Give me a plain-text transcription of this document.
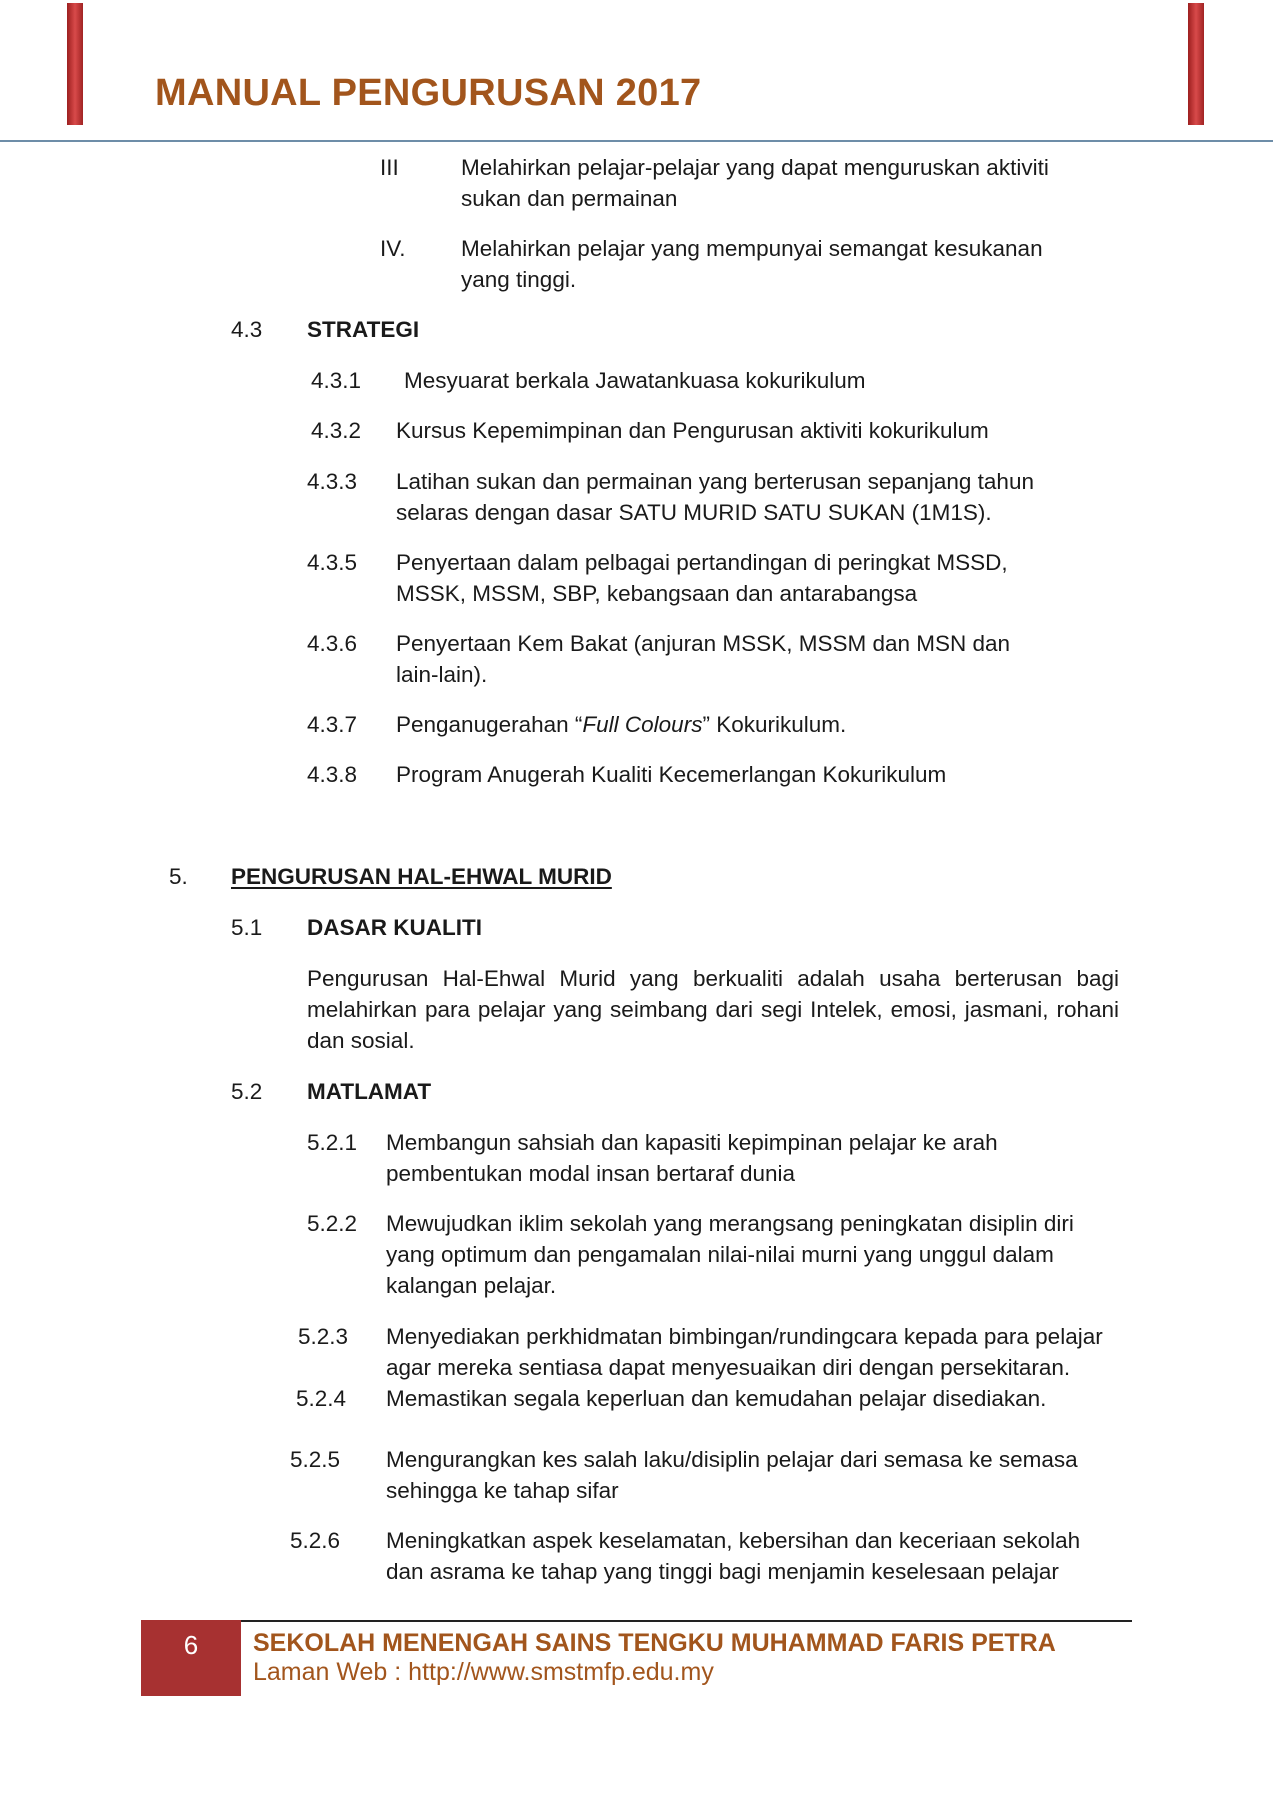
MANUAL PENGURUSAN 2017
III	Melahirkan pelajar-pelajar yang dapat menguruskan aktiviti
sukan dan permainan
IV. Melahirkan pelajar yang mempunyai semangat kesukanan
yang tinggi.
4.3 STRATEGI
4.3.1 Mesyuarat berkala Jawatankuasa kokurikulum
4.3.2 Kursus Kepemimpinan dan Pengurusan aktiviti kokurikulum
4.3.3 Latihan sukan dan permainan yang berterusan sepanjang tahun
selaras dengan dasar SATU MURID SATU SUKAN (1M1S).
4.3.5 Penyertaan dalam pelbagai pertandingan di peringkat MSSD,
MSSK, MSSM, SBP, kebangsaan dan antarabangsa
4.3.6 Penyertaan Kem Bakat (anjuran MSSK, MSSM dan MSN dan
lain-lain).
4.3.7 Penganugerahan “Full Colours” Kokurikulum.
4.3.8 Program Anugerah Kualiti Kecemerlangan Kokurikulum
5. PENGURUSAN HAL-EHWAL MURID
5.1 DASAR KUALITI
Pengurusan Hal-Ehwal Murid yang berkualiti adalah usaha berterusan bagi melahirkan para pelajar yang seimbang dari segi Intelek, emosi, jasmani, rohani dan sosial.
5.2 MATLAMAT
5.2.1 Membangun sahsiah dan kapasiti kepimpinan pelajar ke arah
pembentukan modal insan bertaraf dunia
5.2.2 Mewujudkan iklim sekolah yang merangsang peningkatan disiplin diri
yang optimum dan pengamalan nilai-nilai murni yang unggul dalam
kalangan pelajar.
5.2.3 Menyediakan perkhidmatan bimbingan/rundingcara kepada para pelajar
agar mereka sentiasa dapat menyesuaikan diri dengan persekitaran.
5.2.4 Memastikan segala keperluan dan kemudahan pelajar disediakan.
5.2.5 Mengurangkan kes salah laku/disiplin pelajar dari semasa ke semasa
sehingga ke tahap sifar
5.2.6 Meningkatkan aspek keselamatan, kebersihan dan keceriaan sekolah
dan asrama ke tahap yang tinggi bagi menjamin keselesaan pelajar
6	SEKOLAH MENENGAH SAINS TENGKU MUHAMMAD FARIS PETRA
Laman Web : http://www.smstmfp.edu.my
